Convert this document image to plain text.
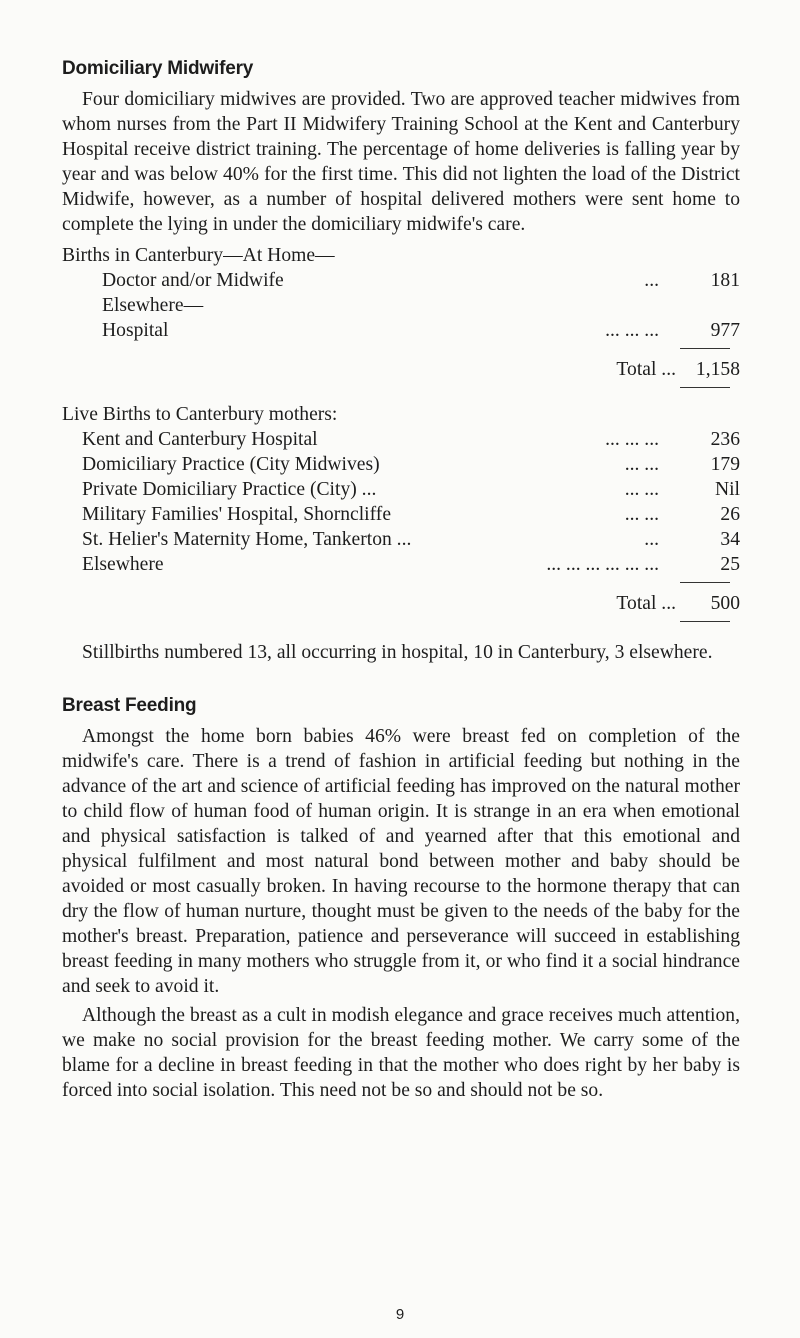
Domiciliary Midwifery

Four domiciliary midwives are provided. Two are approved teacher midwives from whom nurses from the Part II Midwifery Training School at the Kent and Canterbury Hospital receive district training. The percentage of home deliveries is falling year by year and was below 40% for the first time. This did not lighten the load of the District Midwife, however, as a number of hospital delivered mothers were sent home to complete the lying in under the domiciliary midwife's care.

Births in Canterbury—At Home—
Doctor and/or Midwife	...	181
Elsewhere—
Hospital	... ... ...	977
Total ...	1,158
Live Births to Canterbury mothers:
Kent and Canterbury Hospital	... ... ...	236
Domiciliary Practice (City Midwives)	... ...	179
Private Domiciliary Practice (City) ...	... ...	Nil
Military Families' Hospital, Shorncliffe	... ...	26
St. Helier's Maternity Home, Tankerton ...	...	34
Elsewhere	... ... ... ... ... ...	25
Total ...	500

Stillbirths numbered 13, all occurring in hospital, 10 in Canterbury, 3 elsewhere.

Breast Feeding

Amongst the home born babies 46% were breast fed on completion of the midwife's care. There is a trend of fashion in artificial feeding but nothing in the advance of the art and science of artificial feeding has improved on the natural mother to child flow of human food of human origin. It is strange in an era when emotional and physical satisfaction is talked of and yearned after that this emotional and physical fulfilment and most natural bond between mother and baby should be avoided or most casually broken. In having recourse to the hormone therapy that can dry the flow of human nurture, thought must be given to the needs of the baby for the mother's breast. Preparation, patience and perseverance will succeed in establishing breast feeding in many mothers who struggle from it, or who find it a social hindrance and seek to avoid it.

Although the breast as a cult in modish elegance and grace receives much attention, we make no social provision for the breast feeding mother. We carry some of the blame for a decline in breast feeding in that the mother who does right by her baby is forced into social isolation. This need not be so and should not be so.

9
